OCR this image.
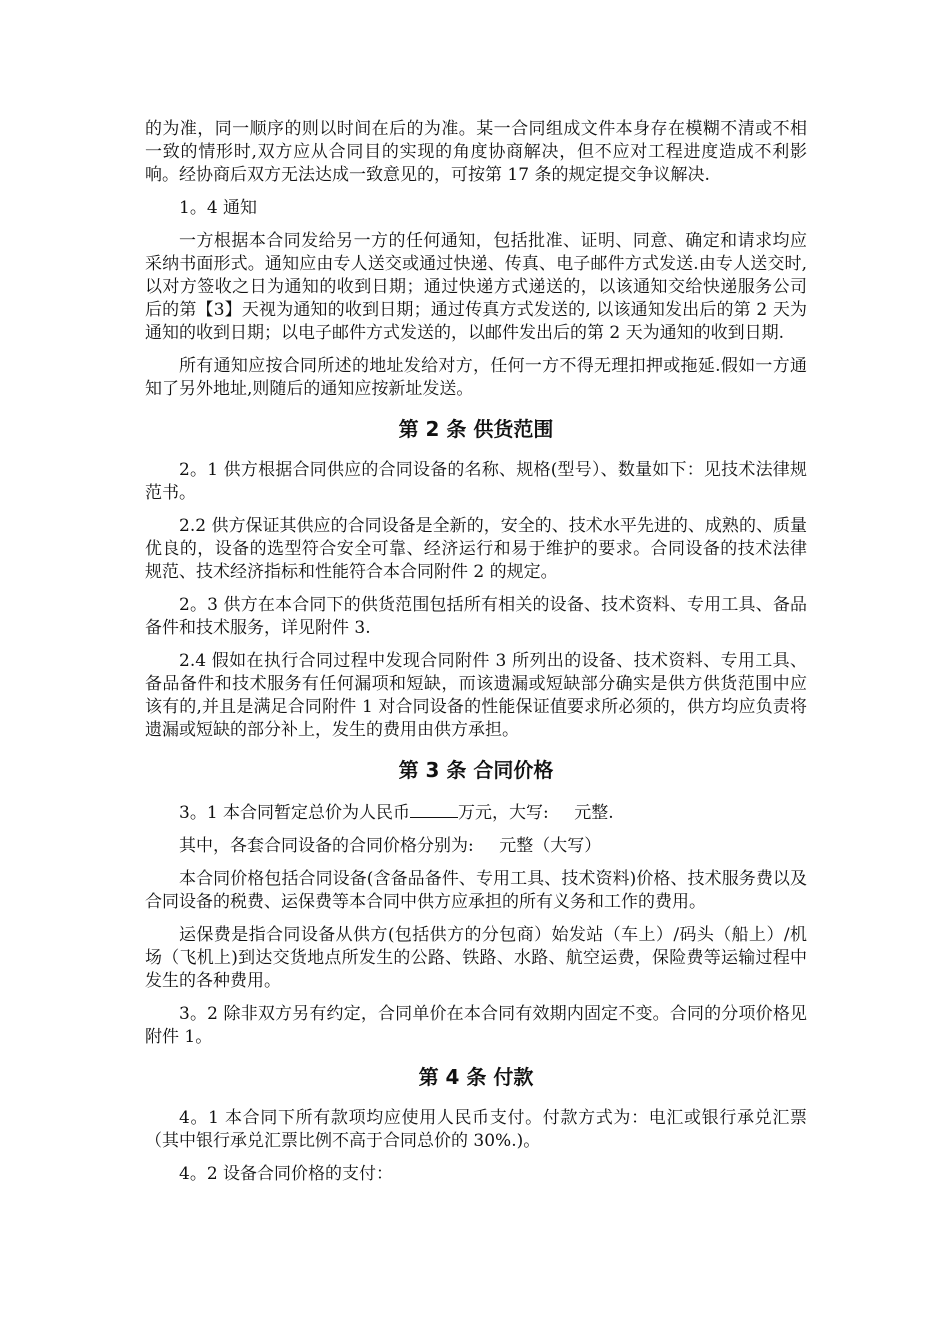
的为准，同一顺序的则以时间在后的为准。某一合同组成文件本身存在模糊不清或不相一致的情形时,双方应从合同目的实现的角度协商解决，但不应对工程进度造成不利影响。经协商后双方无法达成一致意见的，可按第 17 条的规定提交争议解决.

1。4 通知

一方根据本合同发给另一方的任何通知，包括批准、证明、同意、确定和请求均应采纳书面形式。通知应由专人送交或通过快递、传真、电子邮件方式发送.由专人送交时,以对方签收之日为通知的收到日期；通过快递方式递送的，以该通知交给快递服务公司后的第【3】天视为通知的收到日期；通过传真方式发送的, 以该通知发出后的第 2 天为通知的收到日期；以电子邮件方式发送的，以邮件发出后的第 2 天为通知的收到日期.

所有通知应按合同所述的地址发给对方，任何一方不得无理扣押或拖延.假如一方通知了另外地址,则随后的通知应按新址发送。

第 2 条 供货范围

2。1 供方根据合同供应的合同设备的名称、规格(型号）、数量如下：见技术法律规范书。

2.2 供方保证其供应的合同设备是全新的，安全的、技术水平先进的、成熟的、质量优良的，设备的选型符合安全可靠、经济运行和易于维护的要求。合同设备的技术法律规范、技术经济指标和性能符合本合同附件 2 的规定。

2。3 供方在本合同下的供货范围包括所有相关的设备、技术资料、专用工具、备品备件和技术服务，详见附件 3.

2.4 假如在执行合同过程中发现合同附件 3 所列出的设备、技术资料、专用工具、备品备件和技术服务有任何漏项和短缺，而该遗漏或短缺部分确实是供方供货范围中应该有的,并且是满足合同附件 1 对合同设备的性能保证值要求所必须的，供方均应负责将遗漏或短缺的部分补上，发生的费用由供方承担。

第 3 条 合同价格

3。1 本合同暂定总价为人民币	万元，大写: 元整.

其中，各套合同设备的合同价格分别为: 元整（大写）

本合同价格包括合同设备(含备品备件、专用工具、技术资料)价格、技术服务费以及合同设备的税费、运保费等本合同中供方应承担的所有义务和工作的费用。

运保费是指合同设备从供方(包括供方的分包商）始发站（车上）/码头（船上）/机场（飞机上)到达交货地点所发生的公路、铁路、水路、航空运费，保险费等运输过程中发生的各种费用。

3。2 除非双方另有约定，合同单价在本合同有效期内固定不变。合同的分项价格见附件 1。

第 4 条 付款

4。1 本合同下所有款项均应使用人民币支付。付款方式为：电汇或银行承兑汇票（其中银行承兑汇票比例不高于合同总价的 30%.)。

4。2 设备合同价格的支付：
